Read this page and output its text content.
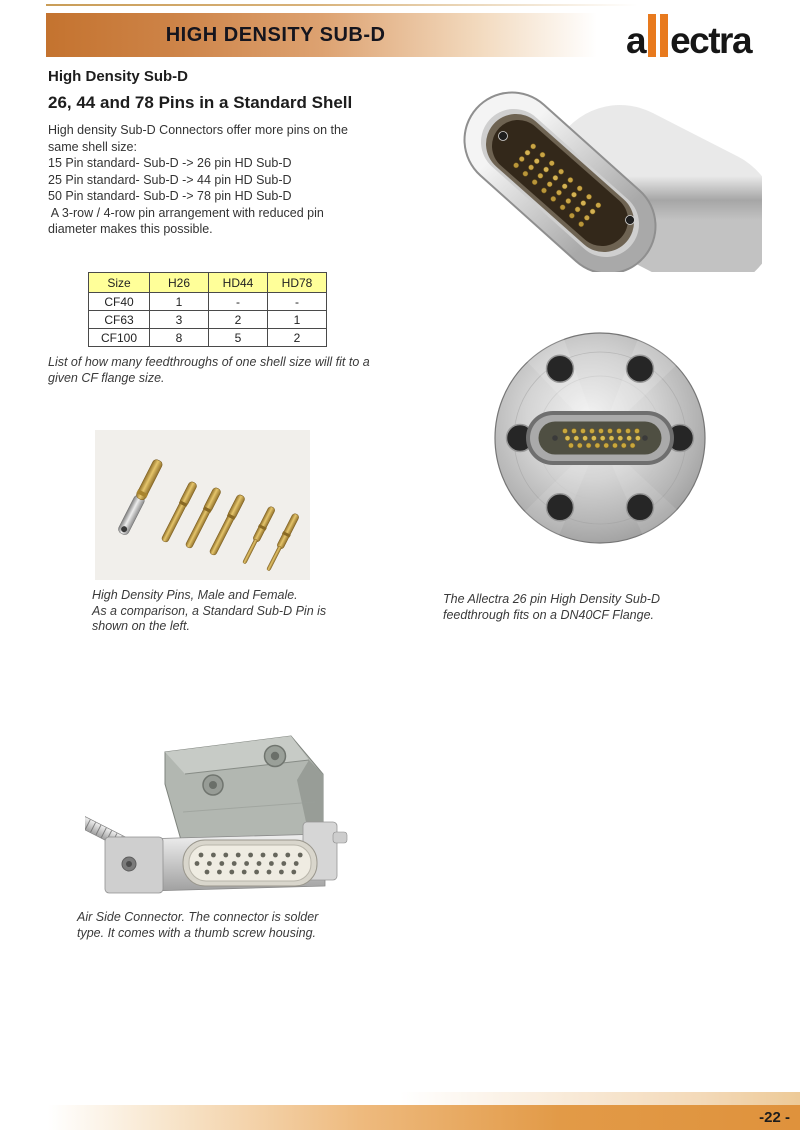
HIGH DENSITY SUB-D	a ectra
High Density Sub-D
26, 44 and 78 Pins in a Standard Shell
High density Sub-D Connectors offer more pins on the
same shell size:
15 Pin standard- Sub-D -> 26 pin HD Sub-D
25 Pin standard- Sub-D -> 44 pin HD Sub-D
50 Pin standard- Sub-D -> 78 pin HD Sub-D
A 3-row / 4-row pin arrangement with reduced pin
diameter makes this possible.
Size	H26	HD44	HD78
CF40	1	-	-
CF63	3	2	1
CF100	8	5	2
List of how many feedthroughs of one shell size will fit to a
given CF flange size.
High Density Pins, Male and Female.
As a comparison, a Standard Sub-D Pin is
shown on the left.
The Allectra 26 pin High Density Sub-D
feedthrough fits on a DN40CF Flange.
Air Side Connector. The connector is solder
type. It comes with a thumb screw housing.
-22 -
